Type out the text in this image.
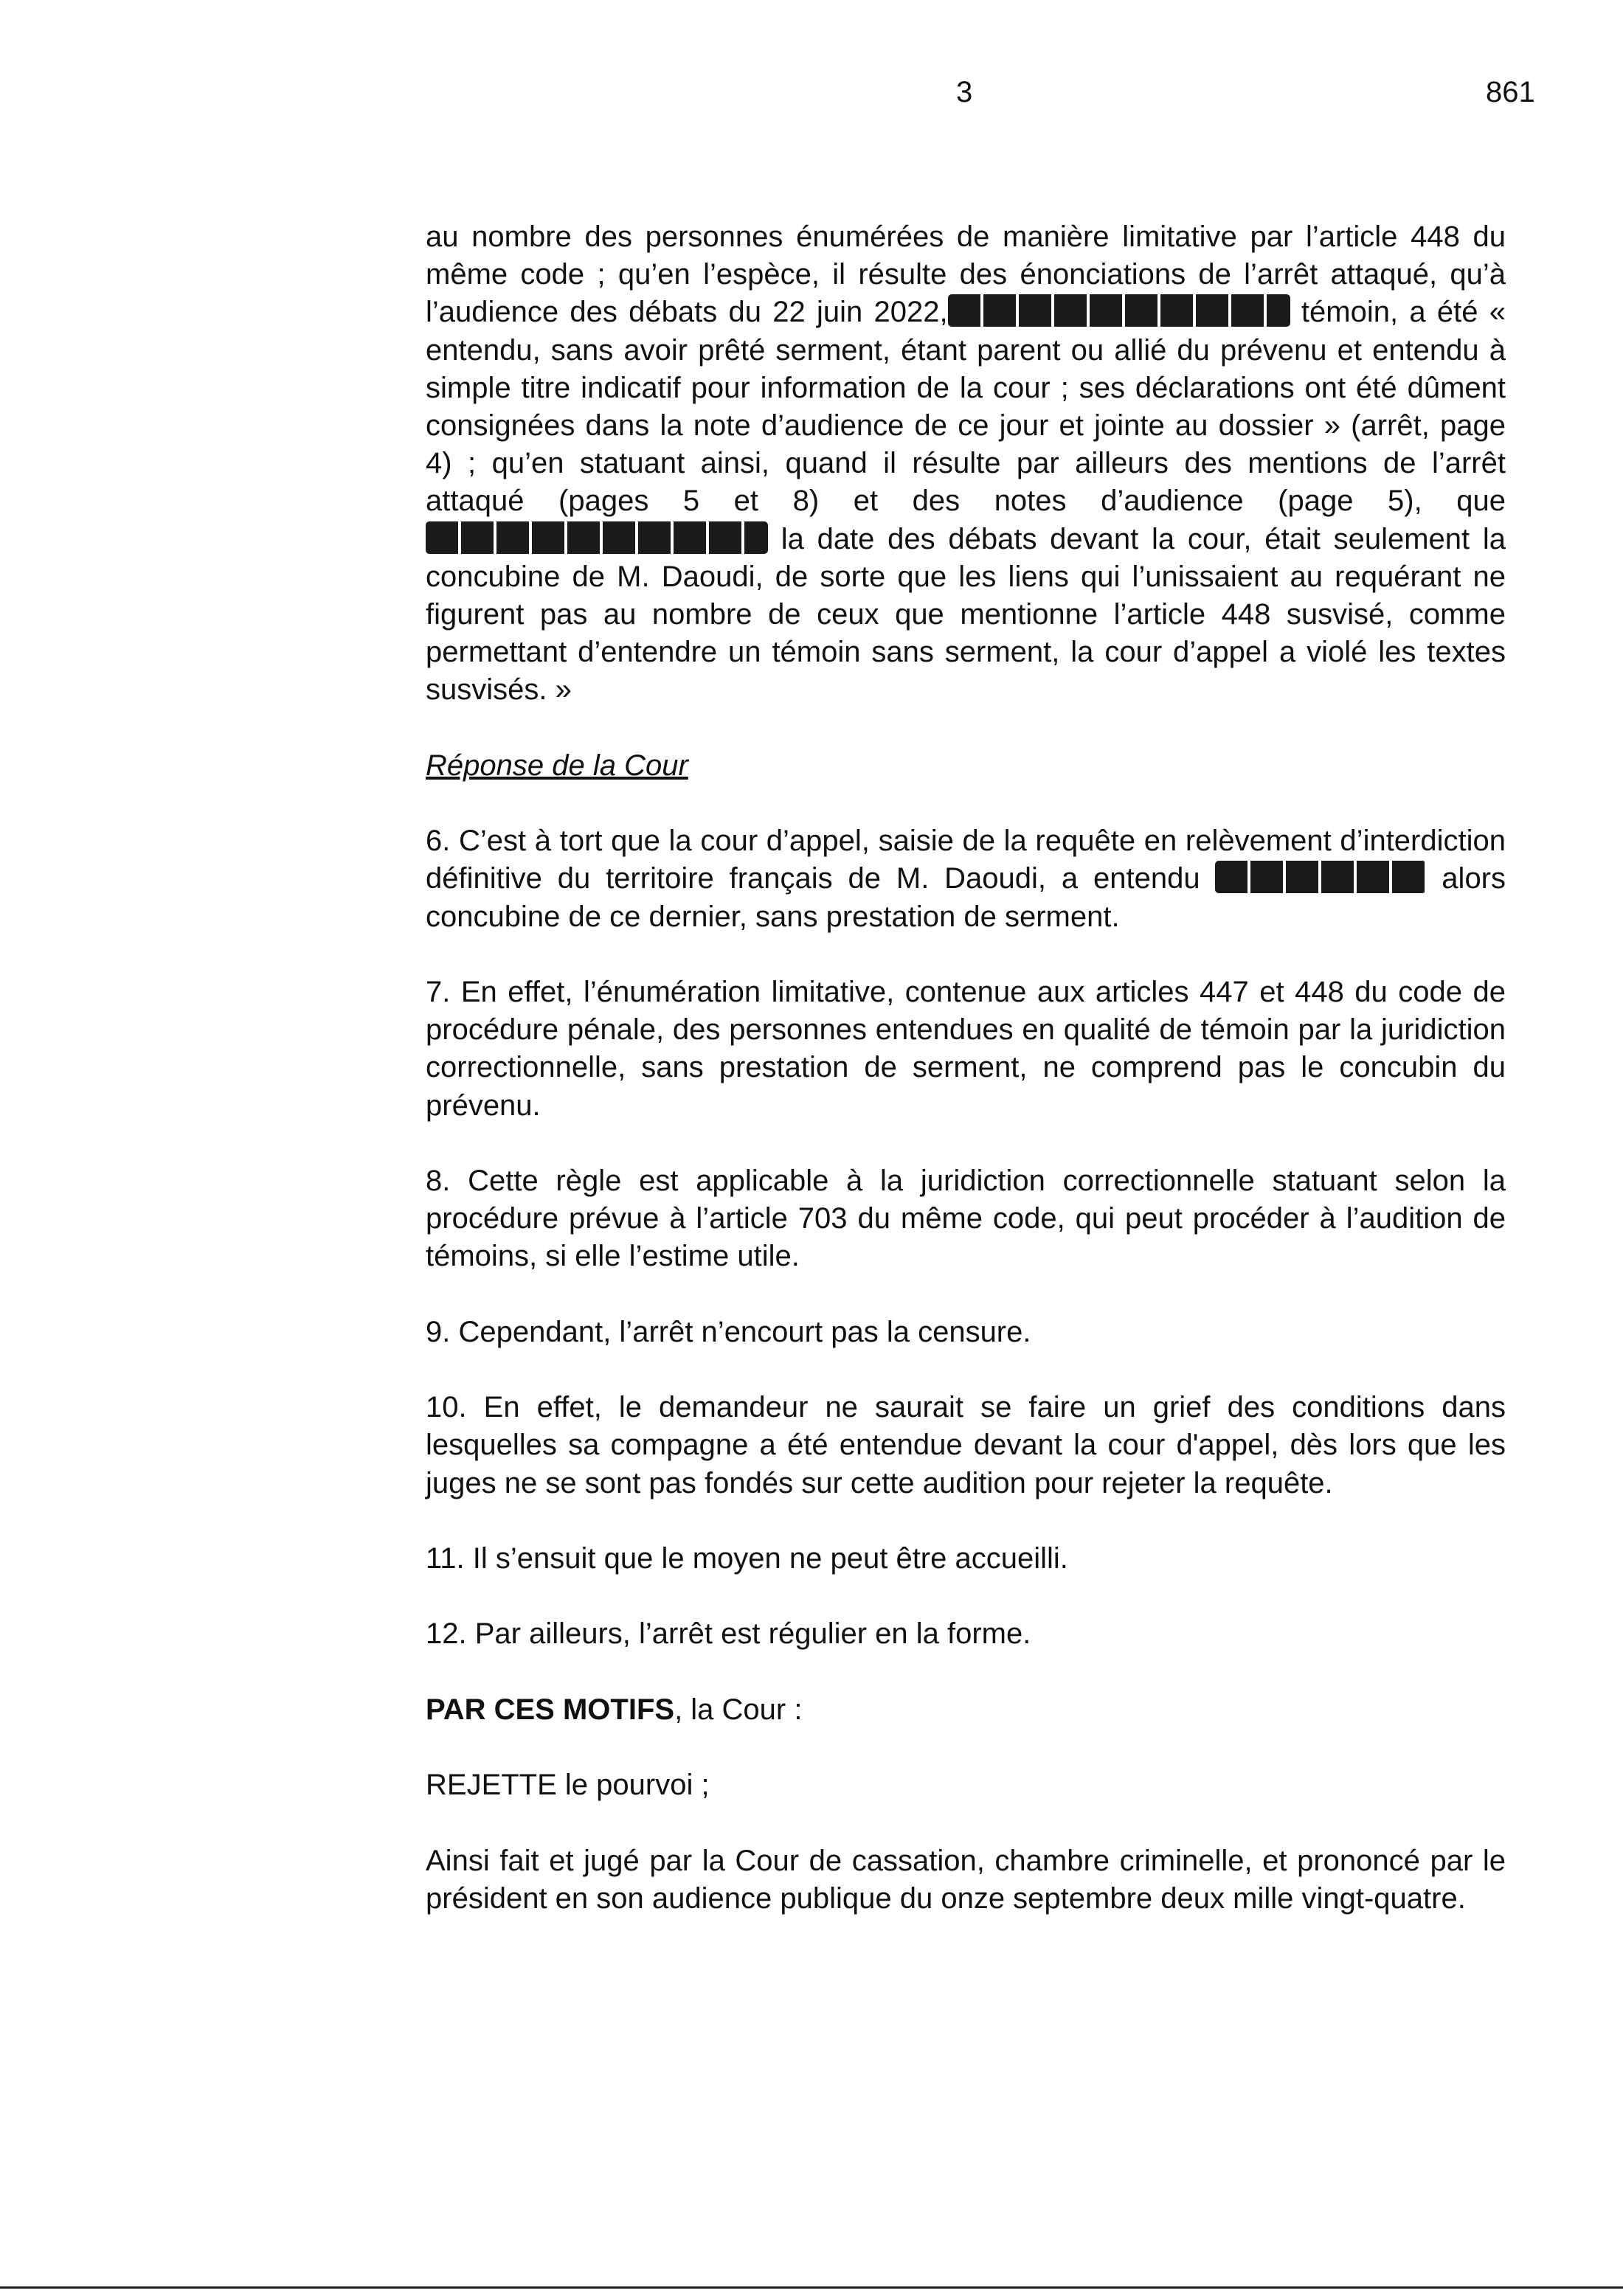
3	861

au nombre des personnes énumérées de manière limitative par l’article 448 du même code ; qu’en l’espèce, il résulte des énonciations de l’arrêt attaqué, qu’à l’audience des débats du 22 juin 2022,	témoin, a été « entendu, sans avoir prêté serment, étant parent ou allié du prévenu et entendu à simple titre indicatif pour information de la cour ; ses déclarations ont été dûment consignées dans la note d’audience de ce jour et jointe au dossier » (arrêt, page 4) ; qu’en statuant ainsi, quand il résulte par ailleurs des mentions de l’arrêt attaqué (pages 5 et 8) et des notes d’audience (page 5), que  la date des débats devant la cour, était seulement la concubine de M. Daoudi, de sorte que les liens qui l’unissaient au requérant ne figurent pas au nombre de ceux que mentionne l’article 448 susvisé, comme permettant d’entendre un témoin sans serment, la cour d’appel a violé les textes susvisés. »

Réponse de la Cour

6. C’est à tort que la cour d’appel, saisie de la requête en relèvement d’interdiction définitive du territoire français de M. Daoudi, a entendu	alors concubine de ce dernier, sans prestation de serment.

7. En effet, l’énumération limitative, contenue aux articles 447 et 448 du code de procédure pénale, des personnes entendues en qualité de témoin par la juridiction correctionnelle, sans prestation de serment, ne comprend pas le concubin du prévenu.

8. Cette règle est applicable à la juridiction correctionnelle statuant selon la procédure prévue à l’article 703 du même code, qui peut procéder à l’audition de témoins, si elle l’estime utile.

9. Cependant, l’arrêt n’encourt pas la censure.

10. En effet, le demandeur ne saurait se faire un grief des conditions dans lesquelles sa compagne a été entendue devant la cour d'appel, dès lors que les juges ne se sont pas fondés sur cette audition pour rejeter la requête.

11. Il s’ensuit que le moyen ne peut être accueilli.

12. Par ailleurs, l’arrêt est régulier en la forme.

PAR CES MOTIFS, la Cour :

REJETTE le pourvoi ;

Ainsi fait et jugé par la Cour de cassation, chambre criminelle, et prononcé par le président en son audience publique du onze septembre deux mille vingt-quatre.
